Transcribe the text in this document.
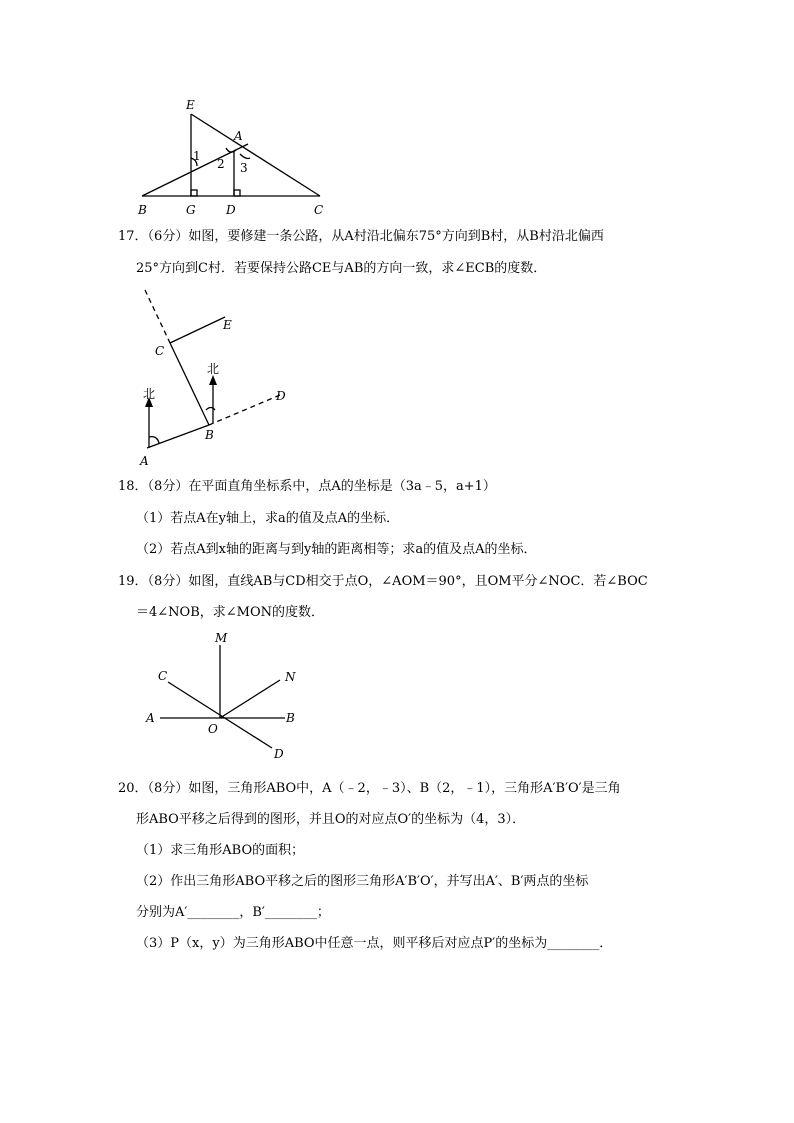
E
A
1
2 3
B	G	D	C
17．（6分）如图，要修建一条公路，从A村沿北偏东75°方向到B村，从B村沿北偏西
25°方向到C村．若要保持公路CE与AB的方向一致，求∠ECB的度数．
E
C
北
北	D
B
A
18．（8分）在平面直角坐标系中，点A的坐标是（3a﹣5，a+1）
（1）若点A在y轴上，求a的值及点A的坐标．
（2）若点A到x轴的距离与到y轴的距离相等；求a的值及点A的坐标．
19．（8分）如图，直线AB与CD相交于点O，∠AOM＝90°，且OM平分∠NOC．若∠BOC
＝4∠NOB，求∠MON的度数．
M
C	N
A
O
B
D
20．（8分）如图，三角形ABO中，A（﹣2，﹣3）、B（2，﹣1），三角形A′B′O′是三角
形ABO平移之后得到的图形，并且O的对应点O′的坐标为（4，3）．
（1）求三角形ABO的面积；
（2）作出三角形ABO平移之后的图形三角形A′B′O′，并写出A′、B′两点的坐标
分别为A′________，B′________；
（3）P（x，y）为三角形ABO中任意一点，则平移后对应点P′的坐标为________．
